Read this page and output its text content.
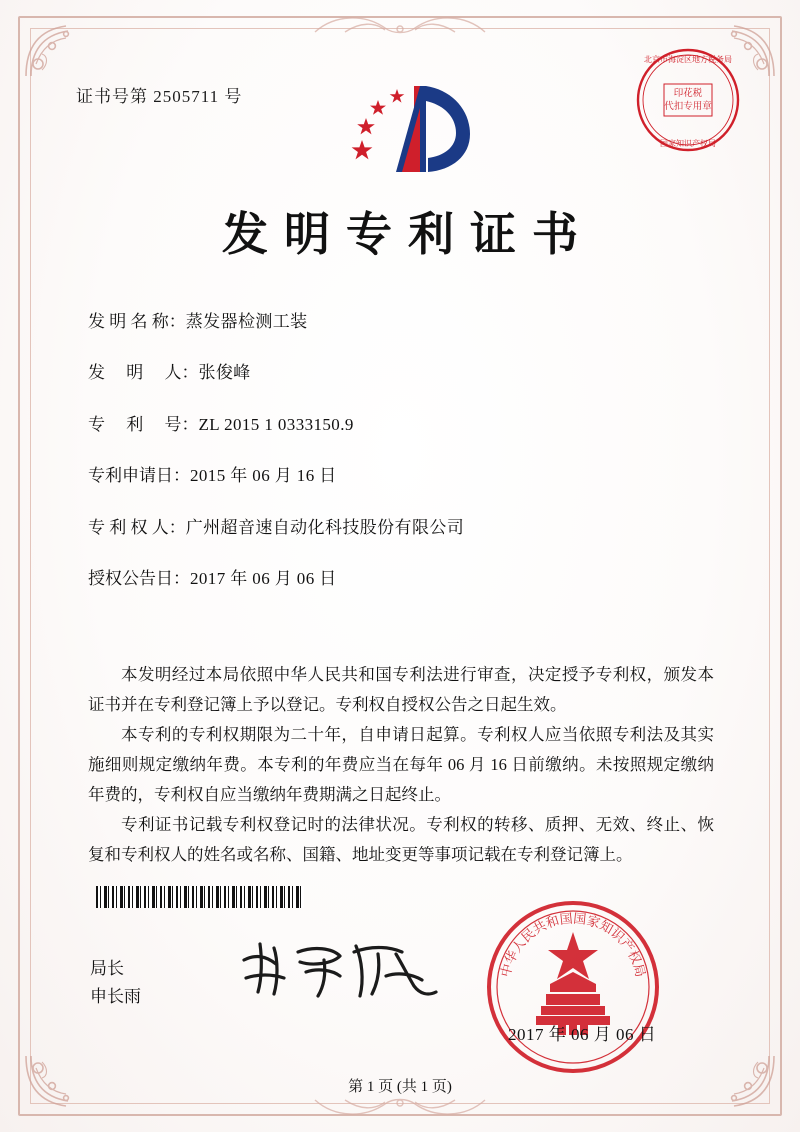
证书号第 2505711 号	印花税
代扣专用章
北京市海淀区地方税务局
国家知识产权局
发明专利证书
发 明 名 称： 蒸发器检测工装
发　 明　 人： 张俊峰
专　 利　 号： ZL 2015 1 0333150.9
专利申请日： 2015 年 06 月 16 日
专 利 权 人： 广州超音速自动化科技股份有限公司
授权公告日： 2017 年 06 月 06 日

本发明经过本局依照中华人民共和国专利法进行审查，决定授予专利权，颁发本证书并在专利登记簿上予以登记。专利权自授权公告之日起生效。

本专利的专利权期限为二十年，自申请日起算。专利权人应当依照专利法及其实施细则规定缴纳年费。本专利的年费应当在每年 06 月 16 日前缴纳。未按照规定缴纳年费的，专利权自应当缴纳年费期满之日起终止。

专利证书记载专利权登记时的法律状况。专利权的转移、质押、无效、终止、恢复和专利权人的姓名或名称、国籍、地址变更等事项记载在专利登记簿上。

局长
申长雨
中华人民共和国国家知识产权局
2017 年 06 月 06 日
第 1 页 (共 1 页)
